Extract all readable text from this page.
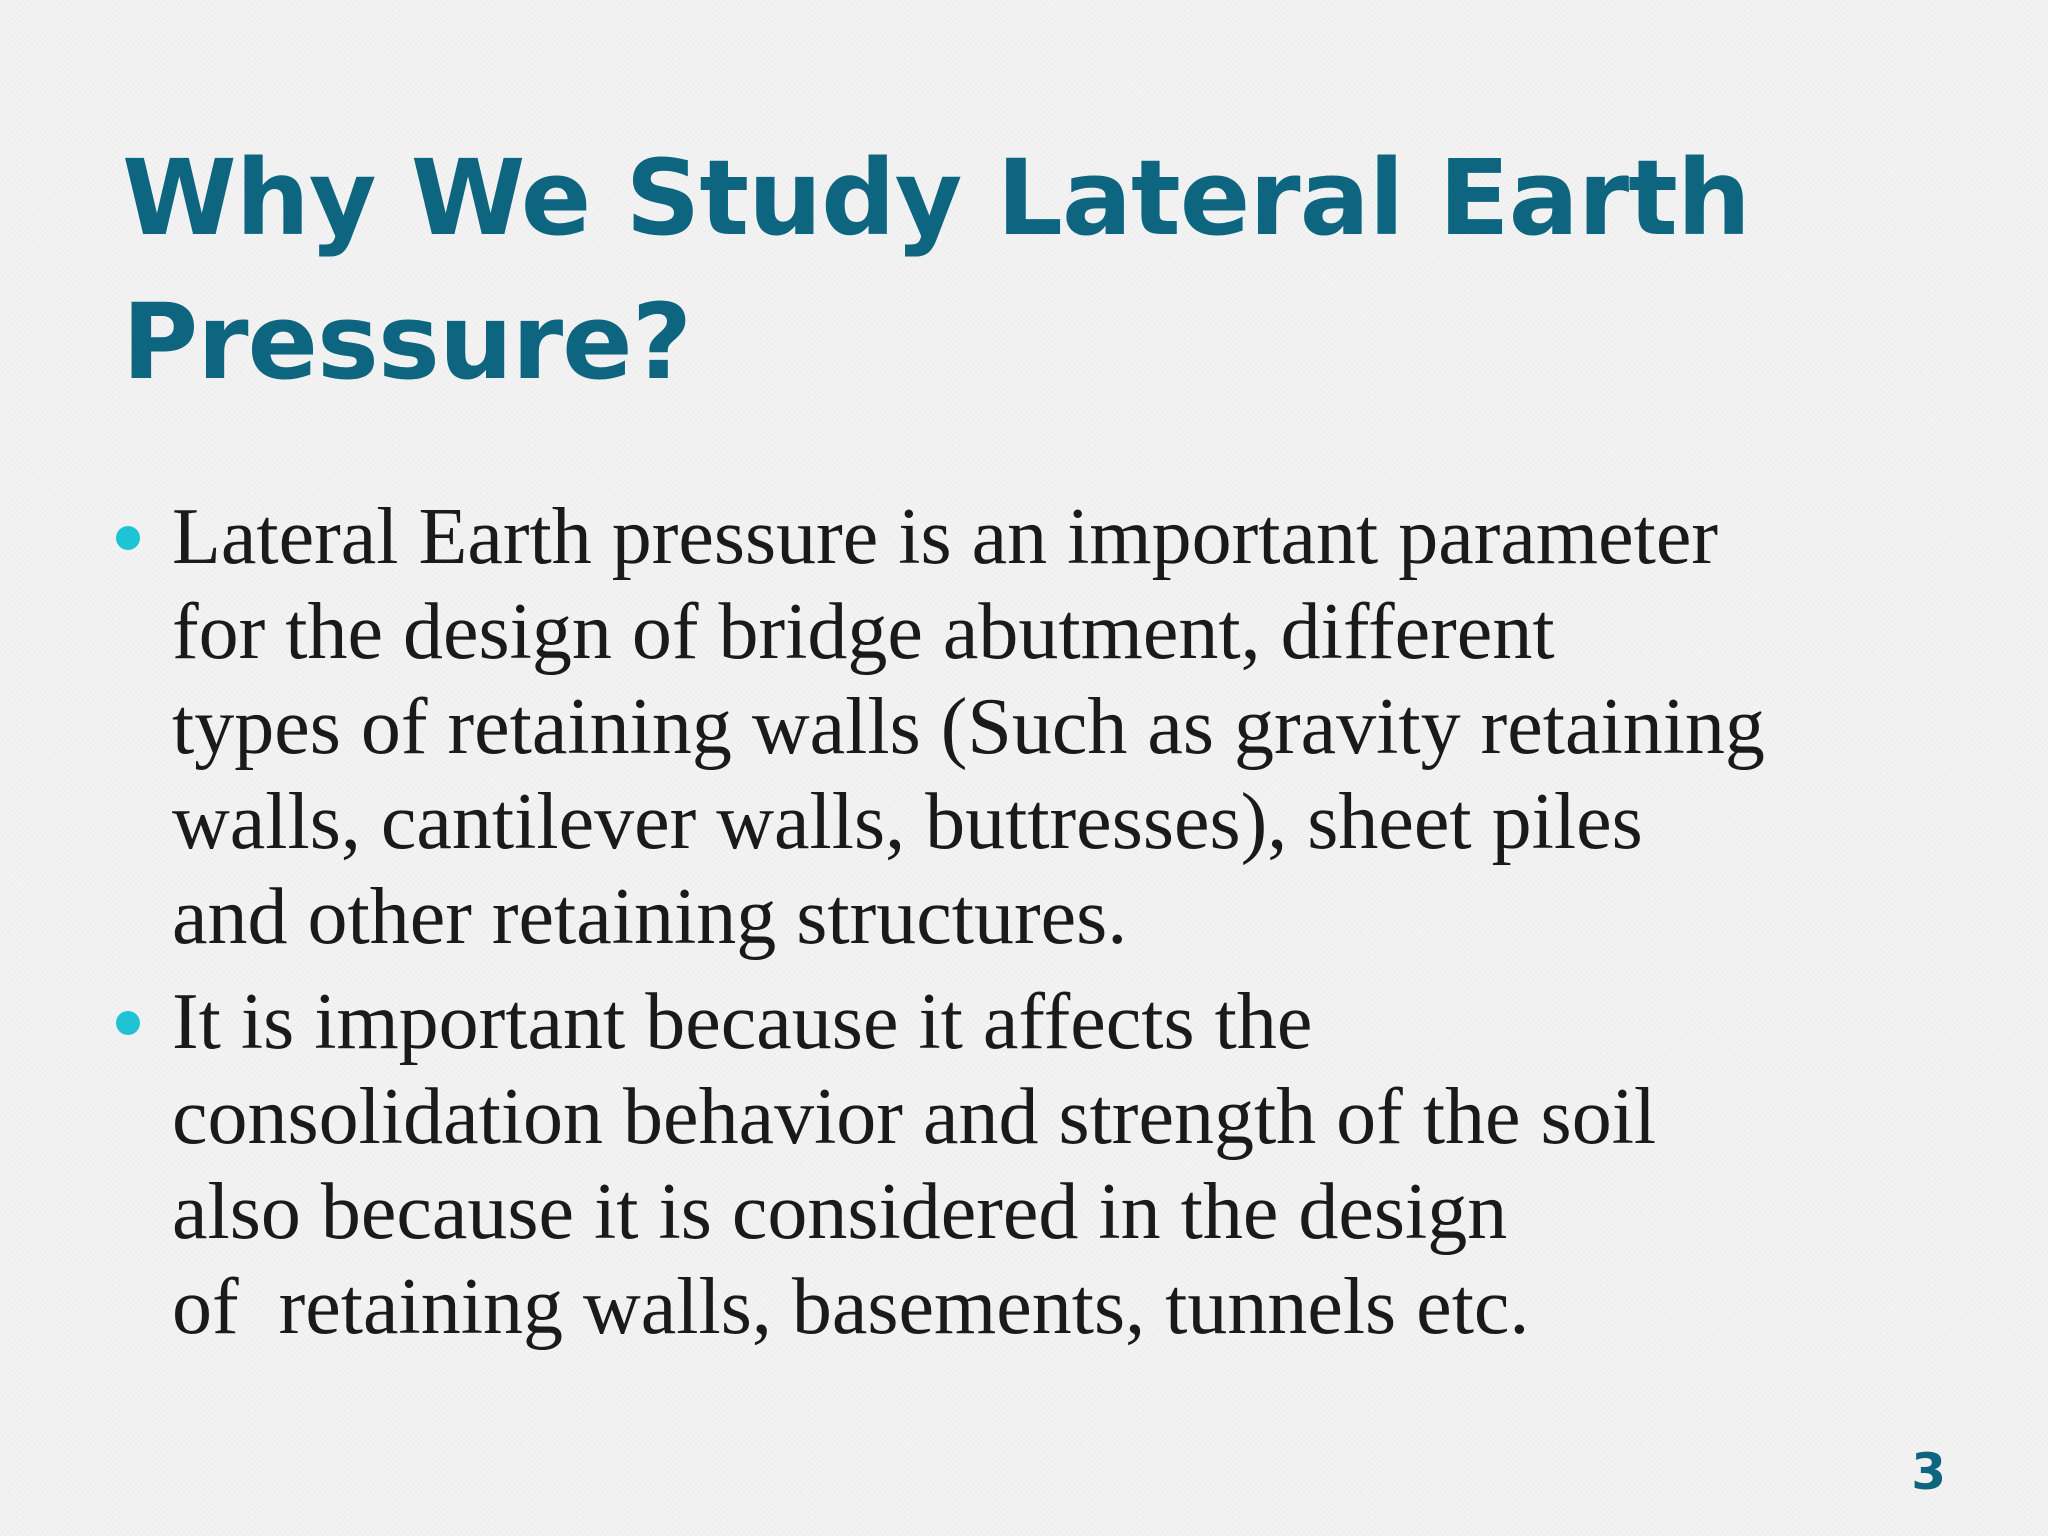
Why We Study Lateral Earth
Pressure?
Lateral Earth pressure is an important parameter
for the design of bridge abutment, different
types of retaining walls (Such as gravity retaining
walls, cantilever walls, buttresses), sheet piles
and other retaining structures.
It is important because it affects the
consolidation behavior and strength of the soil
also because it is considered in the design
of  retaining walls, basements, tunnels etc.
3
